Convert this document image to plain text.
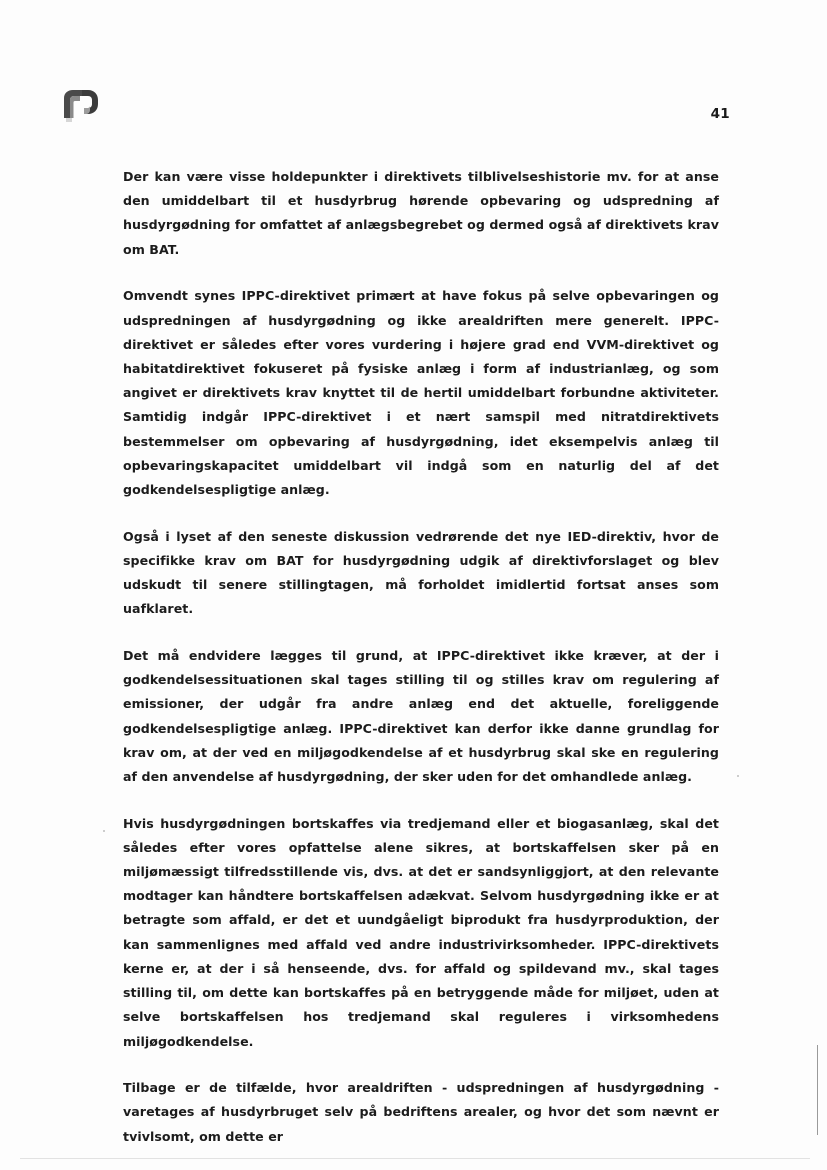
41

Der kan være visse holdepunkter i direktivets tilblivelseshistorie mv. for at anse den umiddelbart til et husdyrbrug hørende opbevaring og udspredning af husdyrgødning for omfattet af anlægsbegrebet og dermed også af direktivets krav om BAT.

Omvendt synes IPPC-direktivet primært at have fokus på selve opbevaringen og udspredningen af husdyrgødning og ikke arealdriften mere generelt. IPPC-direktivet er således efter vores vurdering i højere grad end VVM-direktivet og habitatdirektivet fokuseret på fysiske anlæg i form af industrianlæg, og som angivet er direktivets krav knyttet til de hertil umiddelbart forbundne aktiviteter. Samtidig indgår IPPC-direktivet i et nært samspil med nitratdirektivets bestemmelser om opbevaring af husdyrgødning, idet eksempelvis anlæg til opbevaringskapacitet umiddelbart vil indgå som en naturlig del af det godkendelsespligtige anlæg.

Også i lyset af den seneste diskussion vedrørende det nye IED-direktiv, hvor de specifikke krav om BAT for husdyrgødning udgik af direktivforslaget og blev udskudt til senere stillingtagen, må forholdet imidlertid fortsat anses som uafklaret.

Det må endvidere lægges til grund, at IPPC-direktivet ikke kræver, at der i godkendelsessituationen skal tages stilling til og stilles krav om regulering af emissioner, der udgår fra andre anlæg end det aktuelle, foreliggende godkendelsespligtige anlæg. IPPC-direktivet kan derfor ikke danne grundlag for krav om, at der ved en miljøgodkendelse af et husdyrbrug skal ske en regulering af den anvendelse af husdyrgødning, der sker uden for det omhandlede anlæg.

Hvis husdyrgødningen bortskaffes via tredjemand eller et biogasanlæg, skal det således efter vores opfattelse alene sikres, at bortskaffelsen sker på en miljømæssigt tilfredsstillende vis, dvs. at det er sandsynliggjort, at den relevante modtager kan håndtere bortskaffelsen adækvat. Selvom husdyrgødning ikke er at betragte som affald, er det et uundgåeligt biprodukt fra husdyrproduktion, der kan sammenlignes med affald ved andre industrivirksomheder. IPPC-direktivets kerne er, at der i så henseende, dvs. for affald og spildevand mv., skal tages stilling til, om dette kan bortskaffes på en betryggende måde for miljøet, uden at selve bortskaffelsen hos tredjemand skal reguleres i virksomhedens miljøgodkendelse.

Tilbage er de tilfælde, hvor arealdriften - udspredningen af husdyrgødning - varetages af husdyrbruget selv på bedriftens arealer, og hvor det som nævnt er tvivlsomt, om dette er
